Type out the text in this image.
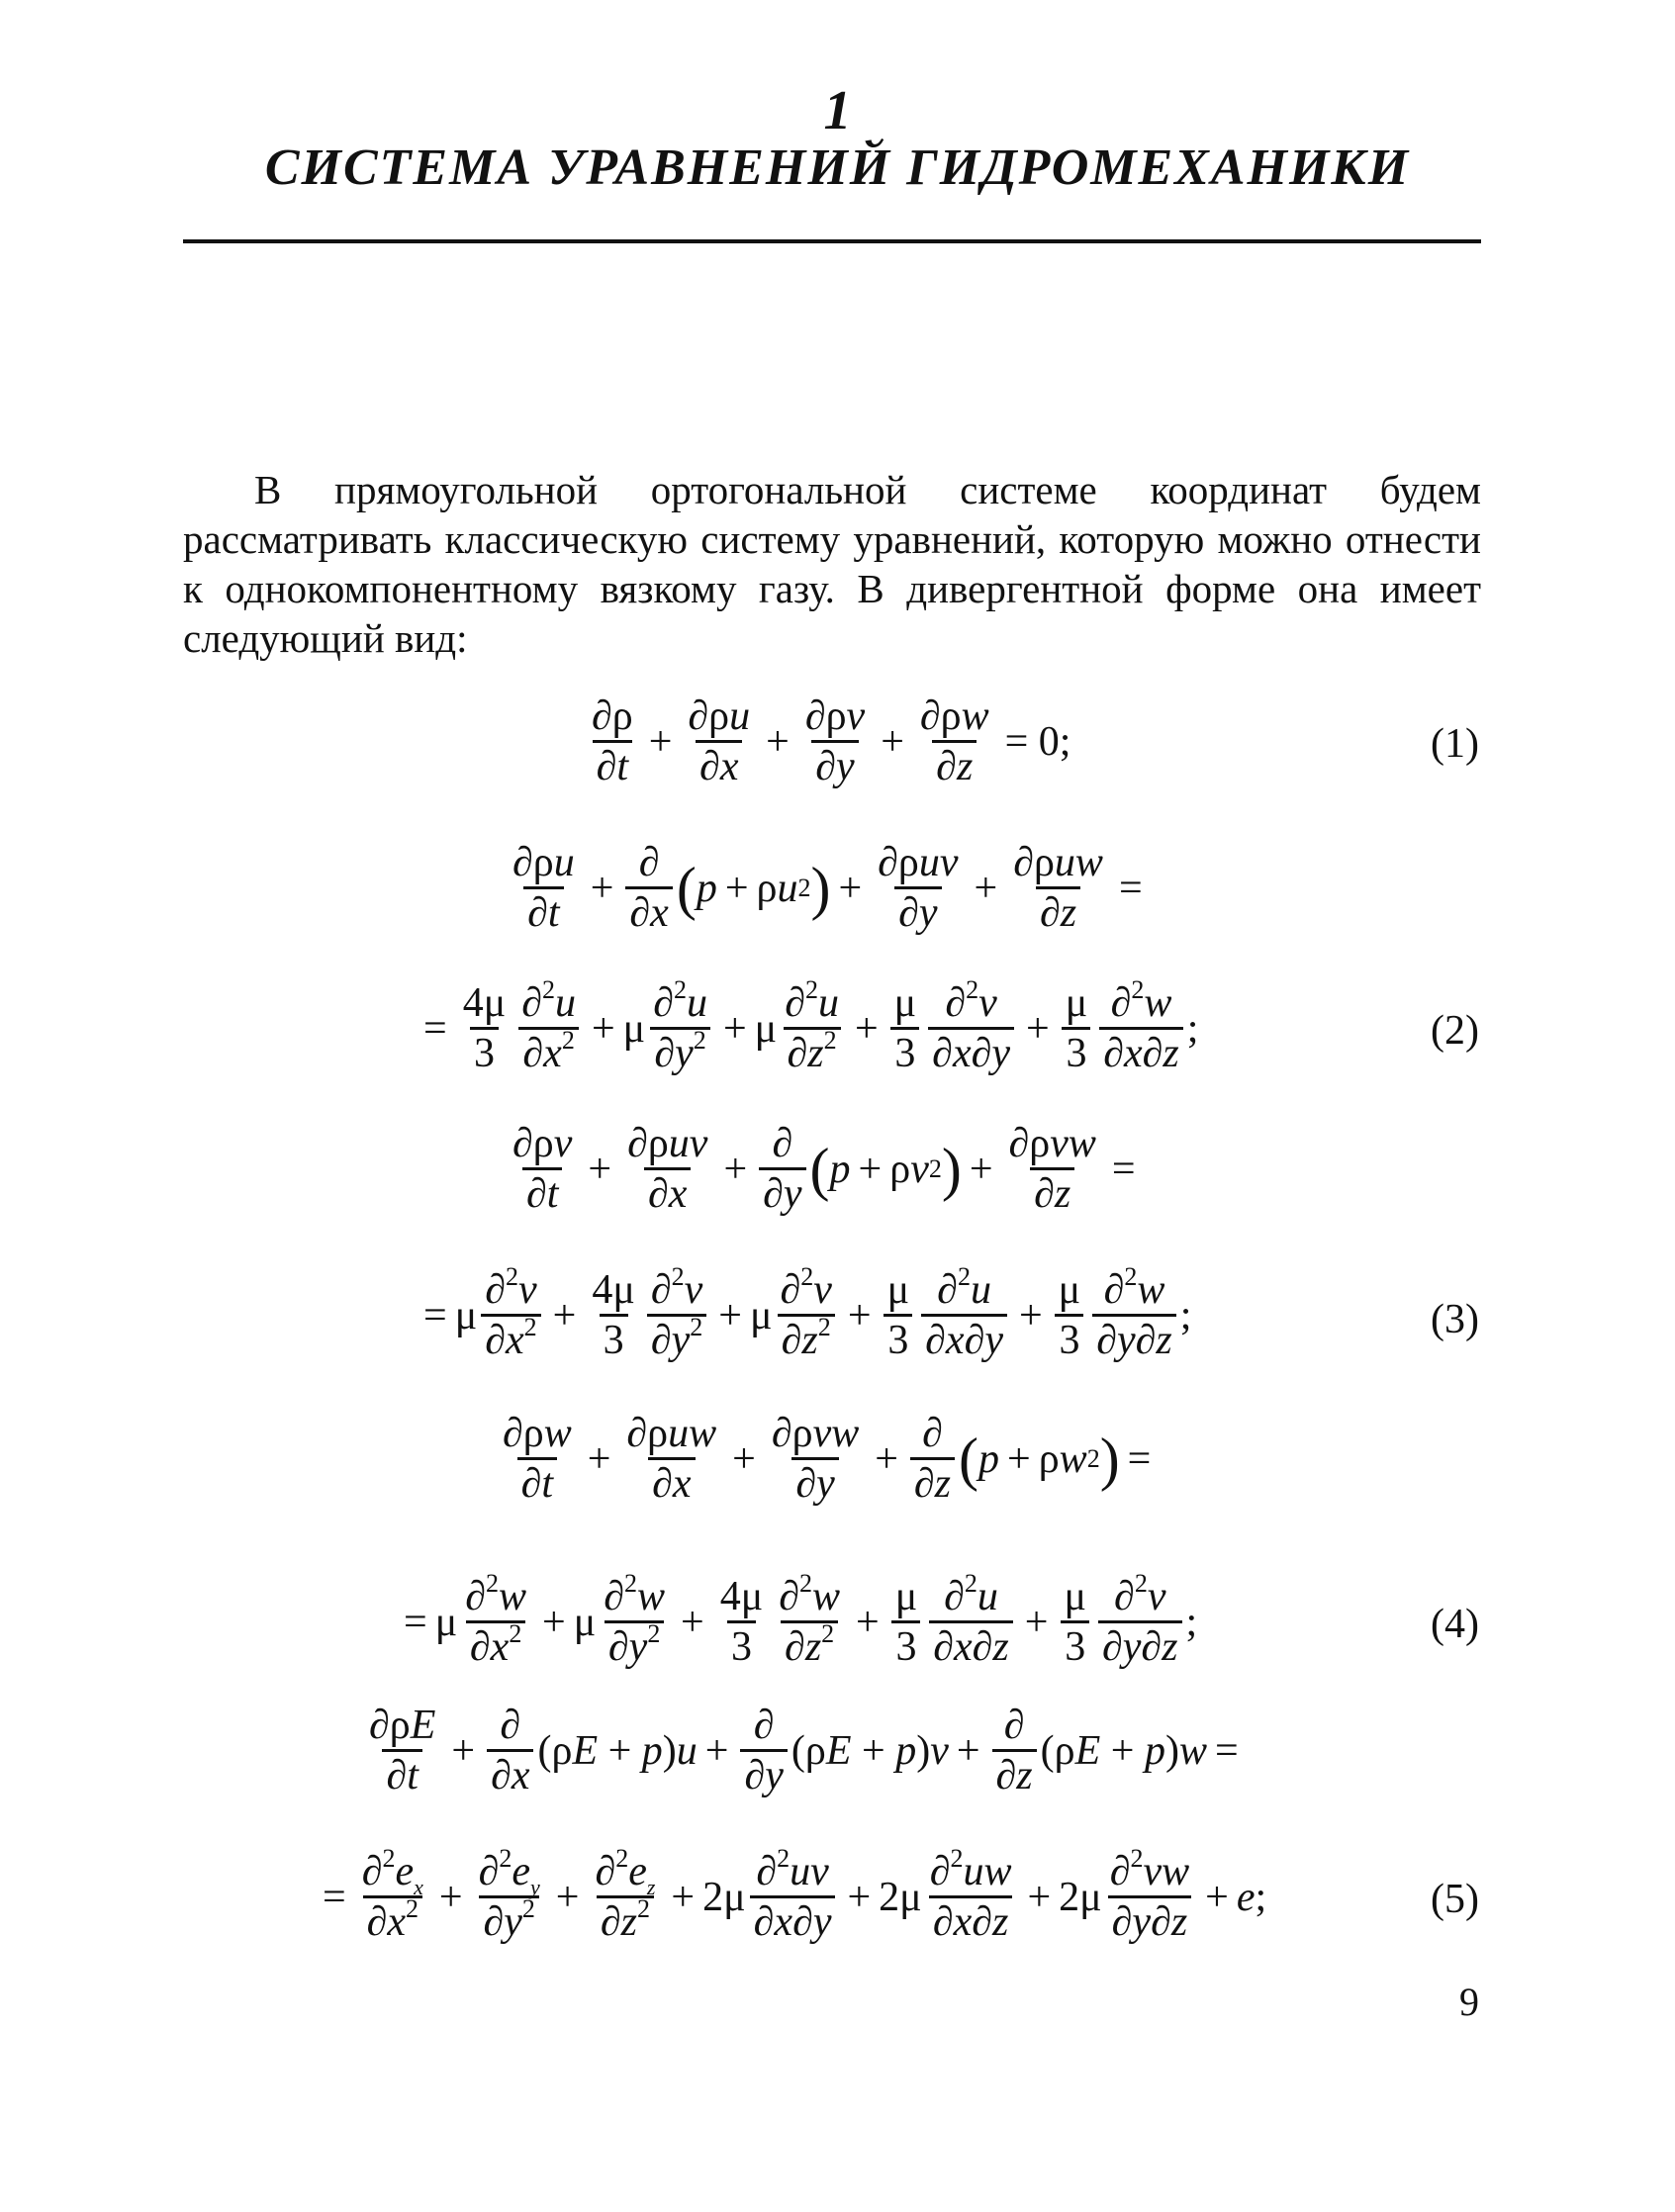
1
СИСТЕМА УРАВНЕНИЙ ГИДРОМЕХАНИКИ
В прямоугольной ортогональной системе координат будем рассматривать классическую систему уравнений, которую можно отнести к однокомпонентному вязкому газу. В дивергентной форме она имеет следующий вид:
$\frac{\partial\rho}{\partial t} + \frac{\partial\rho u}{\partial x} + \frac{\partial\rho v}{\partial y} + \frac{\partial\rho w}{\partial z} = 0$;	(1)
$\frac{\partial\rho u}{\partial t} + \frac{\partial}{\partial x}$ ( p + ρ u 2 ) + $\frac{\text{∂ρuv}}{\partial y} + \frac{\text{∂ρuw}}{\partial z}$ =
= $\frac{4\mu}{3} \frac{\partial^2u}{\partial x^2} + \mu \frac{\partial^2u}{\partial y^2} + \mu \frac{\partial^2u}{\partial z^2} + \frac{\mu}{3} \frac{\partial^2v}{\partial x\partial y} + \frac{\mu}{3} \frac{\partial^2w}{\partial x\partial z}$ ;	(2)
$\frac{\partial\rho v}{\partial t} + \frac{\text{∂ρuv}}{\partial x} + \frac{\partial}{\partial y}$ ( p + ρ v 2 ) + $\frac{\text{∂ρvw}}{\partial z}$ =
= μ $\frac{\partial^2v}{\partial x^2} + \frac{4\mu}{3} \frac{\partial^2v}{\partial y^2} + \mu \frac{\partial^2v}{\partial z^2} + \frac{\mu}{3} \frac{\partial^2u}{\partial x\partial y} + \frac{\mu}{3} \frac{\partial^2w}{\partial y\partial z}$ ;	(3)
$\frac{\partial\rho w}{\partial t} + \frac{\text{∂ρuw}}{\partial x} + \frac{\text{∂ρvw}}{\partial y} + \frac{\partial}{\partial z}$ ( p + ρ w 2 ) =
= μ $\frac{\partial^2w}{\partial x^2} + \mu \frac{\partial^2w}{\partial y^2} + \frac{4\mu}{3} \frac{\partial^2w}{\partial z^2} + \frac{\mu}{3} \frac{\partial^2u}{\partial x\partial z} + \frac{\mu}{3} \frac{\partial^2v}{\partial y\partial z}$ ;	(4)
$\frac{\partial\rho E}{\partial t} + \frac{\partial}{\partial x} (\rho E + p)u + \frac{\partial}{\partial y} (\rho E + p)v + \frac{\partial}{\partial z} (\rho E + p)w$ =
= $\frac{\partial^2e_x}{\partial x^2} + \frac{\partial^2e_y}{\partial y^2} + \frac{\partial^2e_z}{\partial z^2} + 2\mu \frac{\partial^2uv}{\partial x\partial y} + 2\mu \frac{\partial^2uw}{\partial x\partial z} + 2\mu \frac{\partial^2vw}{\partial y\partial z} + e$ ;	(5)
9
